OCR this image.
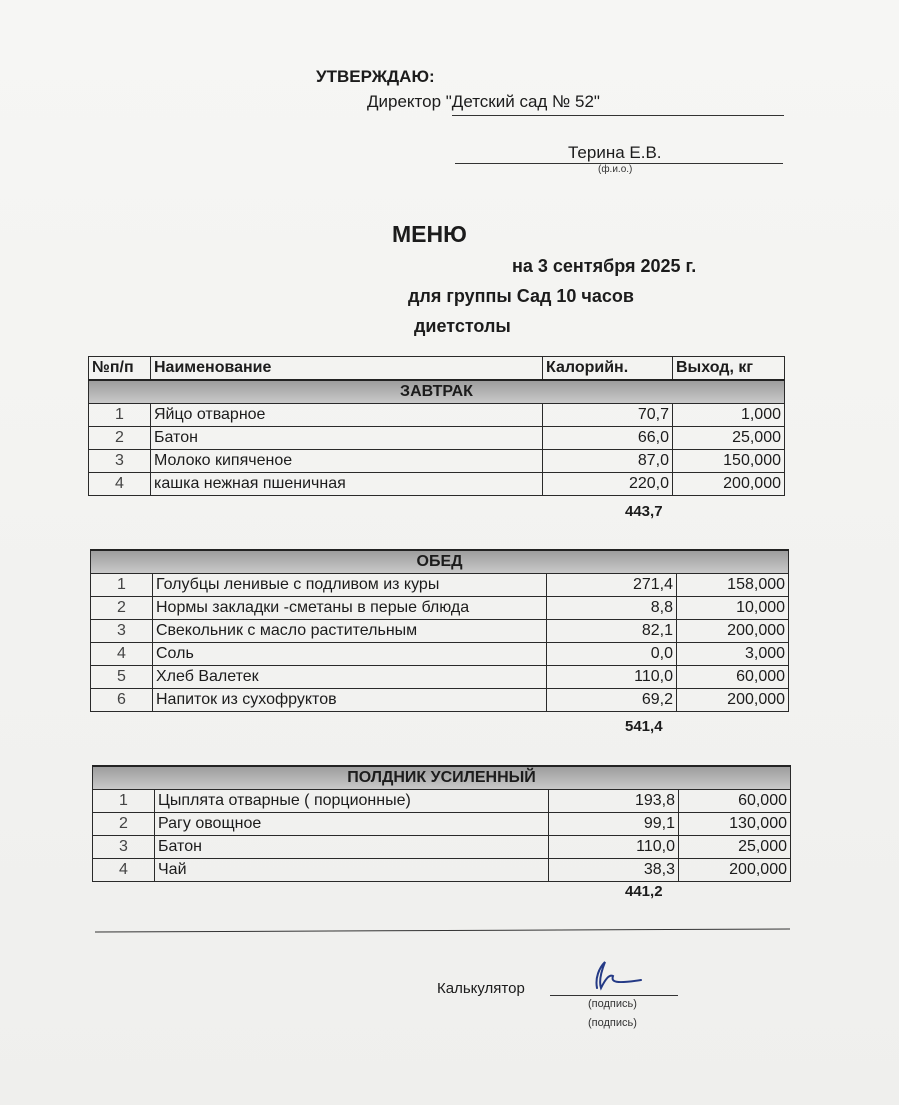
УТВЕРЖДАЮ:
Директор "Детский сад № 52"
Терина Е.В.
(ф.и.о.)
МЕНЮ
на 3 сентября 2025 г.
для группы Сад 10 часов
диетстолы
№п/п	Наименование	Калорийн.	Выход, кг
ЗАВТРАК			
1	Яйцо отварное	70,7	1,000
2	Батон	66,0	25,000
3	Молоко кипяченое	87,0	150,000
4	кашка нежная пшеничная	220,0	200,000
443,7
ОБЕД			
1	Голубцы ленивые с подливом из куры	271,4	158,000
2	Нормы закладки -сметаны в перые блюда	8,8	10,000
3	Свекольник с масло растительным	82,1	200,000
4	Соль	0,0	3,000
5	Хлеб Валетек	110,0	60,000
6	Напиток из сухофруктов	69,2	200,000
541,4
ПОЛДНИК УСИЛЕННЫЙ			
1	Цыплята отварные ( порционные)	193,8	60,000
2	Рагу овощное	99,1	130,000
3	Батон	110,0	25,000
4	Чай	38,3	200,000
441,2
Калькулятор
(подпись)
(подпись)
